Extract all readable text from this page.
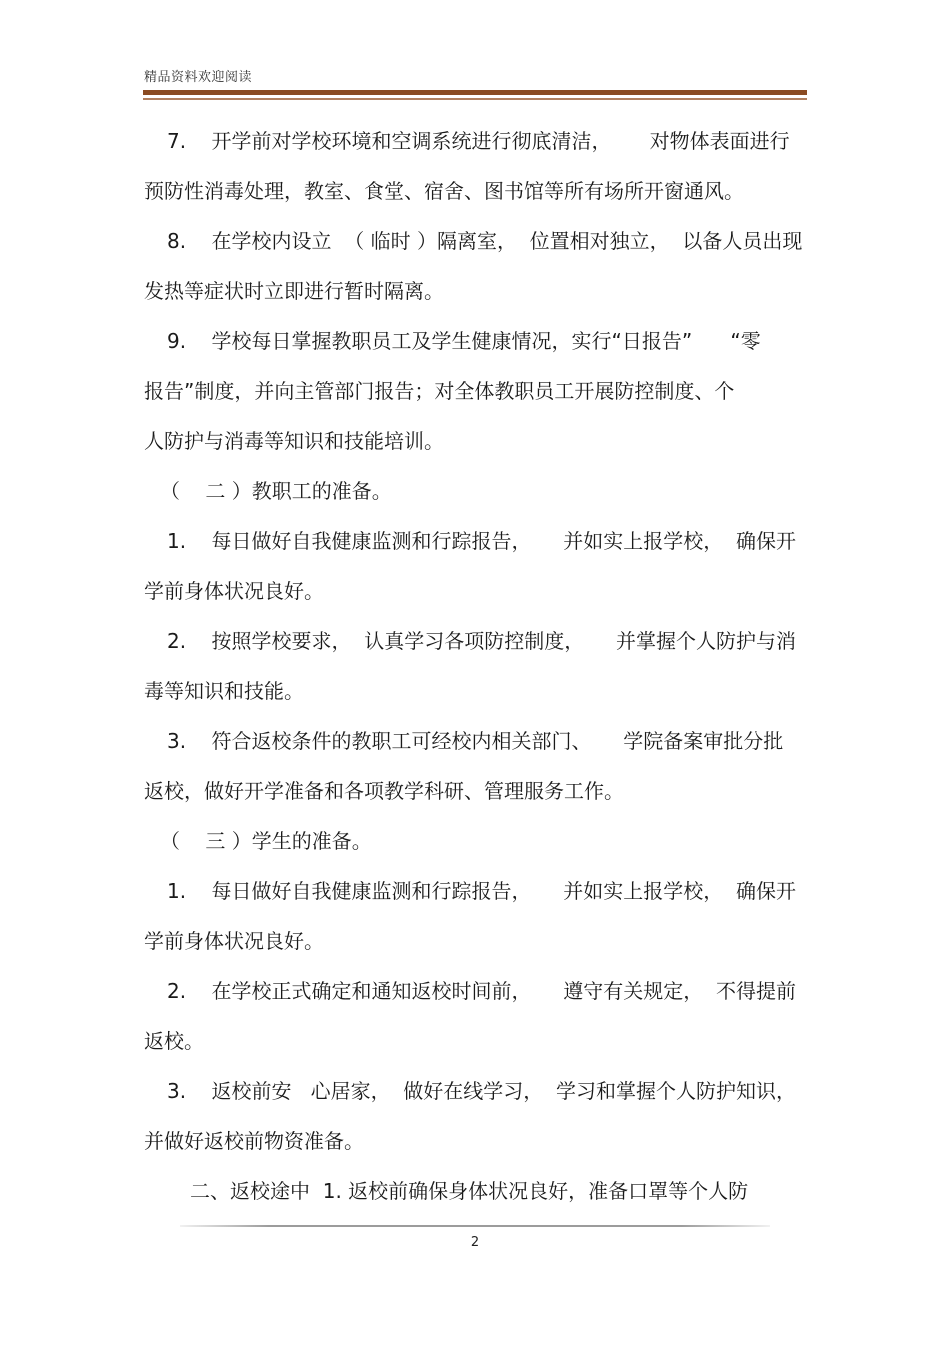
精品资料欢迎阅读
7.    开学前对学校环境和空调系统进行彻底清洁，      对物体表面进行
预防性消毒处理，教室、食堂、宿舍、图书馆等所有场所开窗通风。
8.    在学校内设立  （ 临时 ）隔离室，  位置相对独立，  以备人员出现
发热等症状时立即进行暂时隔离。
9.    学校每日掌握教职员工及学生健康情况，实行“日报告”      “零
报告”制度，并向主管部门报告；对全体教职员工开展防控制度、个
人防护与消毒等知识和技能培训。
（    二 ）教职工的准备。
1.    每日做好自我健康监测和行踪报告，     并如实上报学校，  确保开
学前身体状况良好。
2.    按照学校要求，  认真学习各项防控制度，     并掌握个人防护与消
毒等知识和技能。
3.    符合返校条件的教职工可经校内相关部门、     学院备案审批分批
返校，做好开学准备和各项教学科研、管理服务工作。
（    三 ）学生的准备。
1.    每日做好自我健康监测和行踪报告，     并如实上报学校，  确保开
学前身体状况良好。
2.    在学校正式确定和通知返校时间前，     遵守有关规定，  不得提前
返校。
3.    返校前安   心居家，  做好在线学习，  学习和掌握个人防护知识，
并做好返校前物资准备。
二、返校途中  1. 返校前确保身体状况良好，准备口罩等个人防
2
